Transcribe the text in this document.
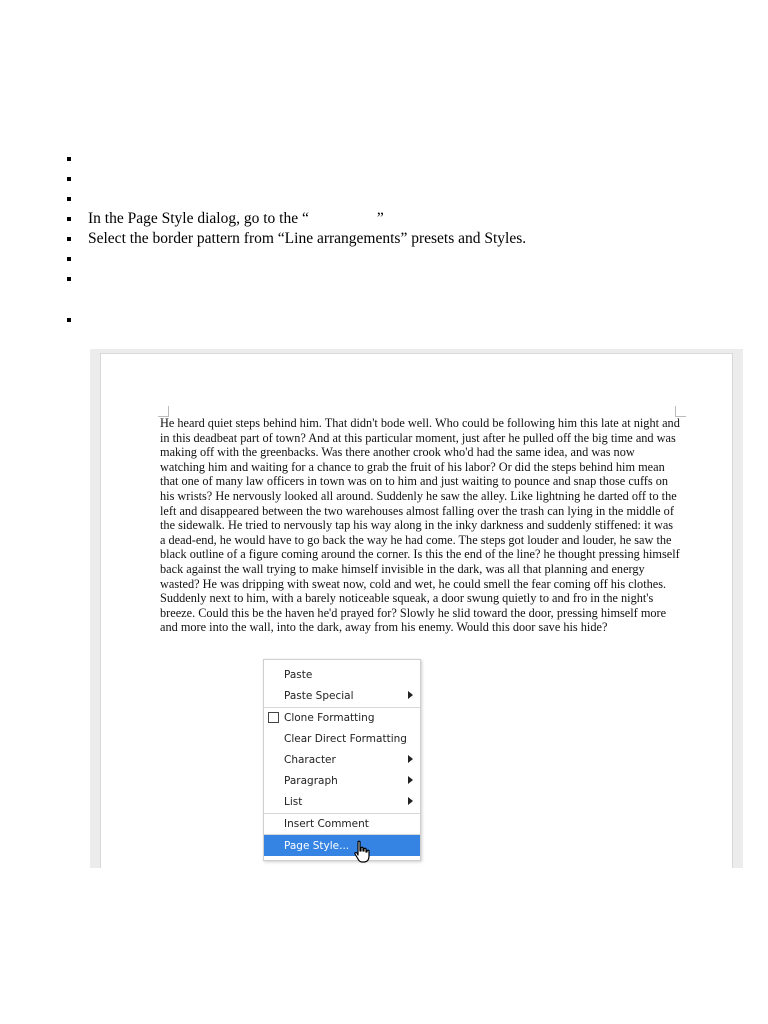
In the Page Style dialog, go to the “	”
Select the border pattern from “Line arrangements” presets and Styles.

He heard quiet steps behind him. That didn't bode well. Who could be following him this late at night and in this deadbeat part of town? And at this particular moment, just after he pulled off the big time and was making off with the greenbacks. Was there another crook who'd had the same idea, and was now watching him and waiting for a chance to grab the fruit of his labor? Or did the steps behind him mean that one of many law officers in town was on to him and just waiting to pounce and snap those cuffs on his wrists? He nervously looked all around. Suddenly he saw the alley. Like lightning he darted off to the left and disappeared between the two warehouses almost falling over the trash can lying in the middle of the sidewalk. He tried to nervously tap his way along in the inky darkness and suddenly stiffened: it was a dead-end, he would have to go back the way he had come. The steps got louder and louder, he saw the black outline of a figure coming around the corner. Is this the end of the line? he thought pressing himself back against the wall trying to make himself invisible in the dark, was all that planning and energy wasted? He was dripping with sweat now, cold and wet, he could smell the fear coming off his clothes. Suddenly next to him, with a barely noticeable squeak, a door swung quietly to and fro in the night's breeze. Could this be the haven he'd prayed for? Slowly he slid toward the door, pressing himself more and more into the wall, into the dark, away from his enemy. Would this door save his hide?

Paste
Paste Special
Clone Formatting
Clear Direct Formatting
Character
Paragraph
List
Insert Comment
Page Style...
